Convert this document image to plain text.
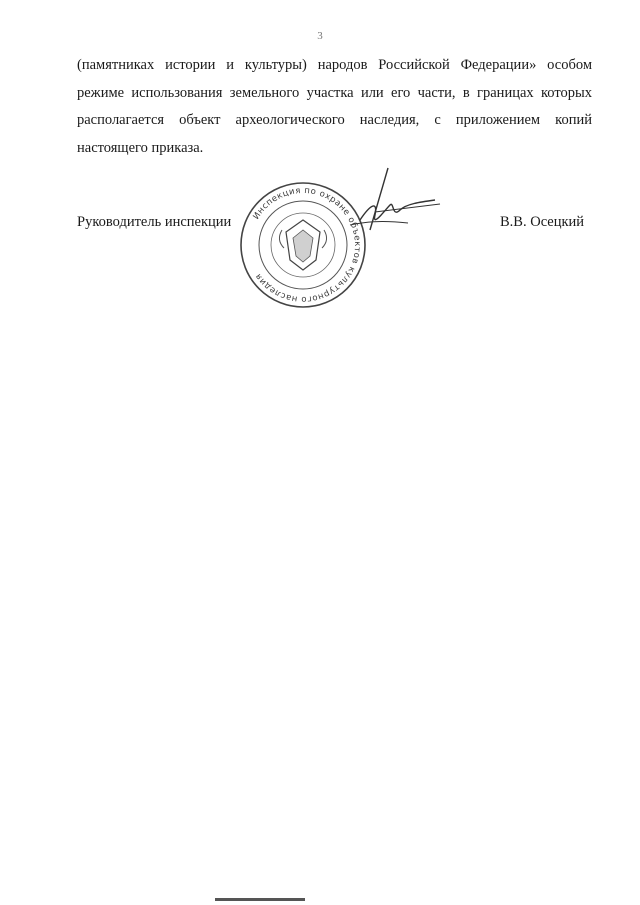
3
(памятниках истории и культуры) народов Российской Федерации» особом
режиме использования земельного участка или его части, в границах которых
располагается объект археологического наследия, с приложением копий
настоящего приказа.
Руководитель инспекции Инспекция по охране объектов культурного наследия
В.В. Осецкий
